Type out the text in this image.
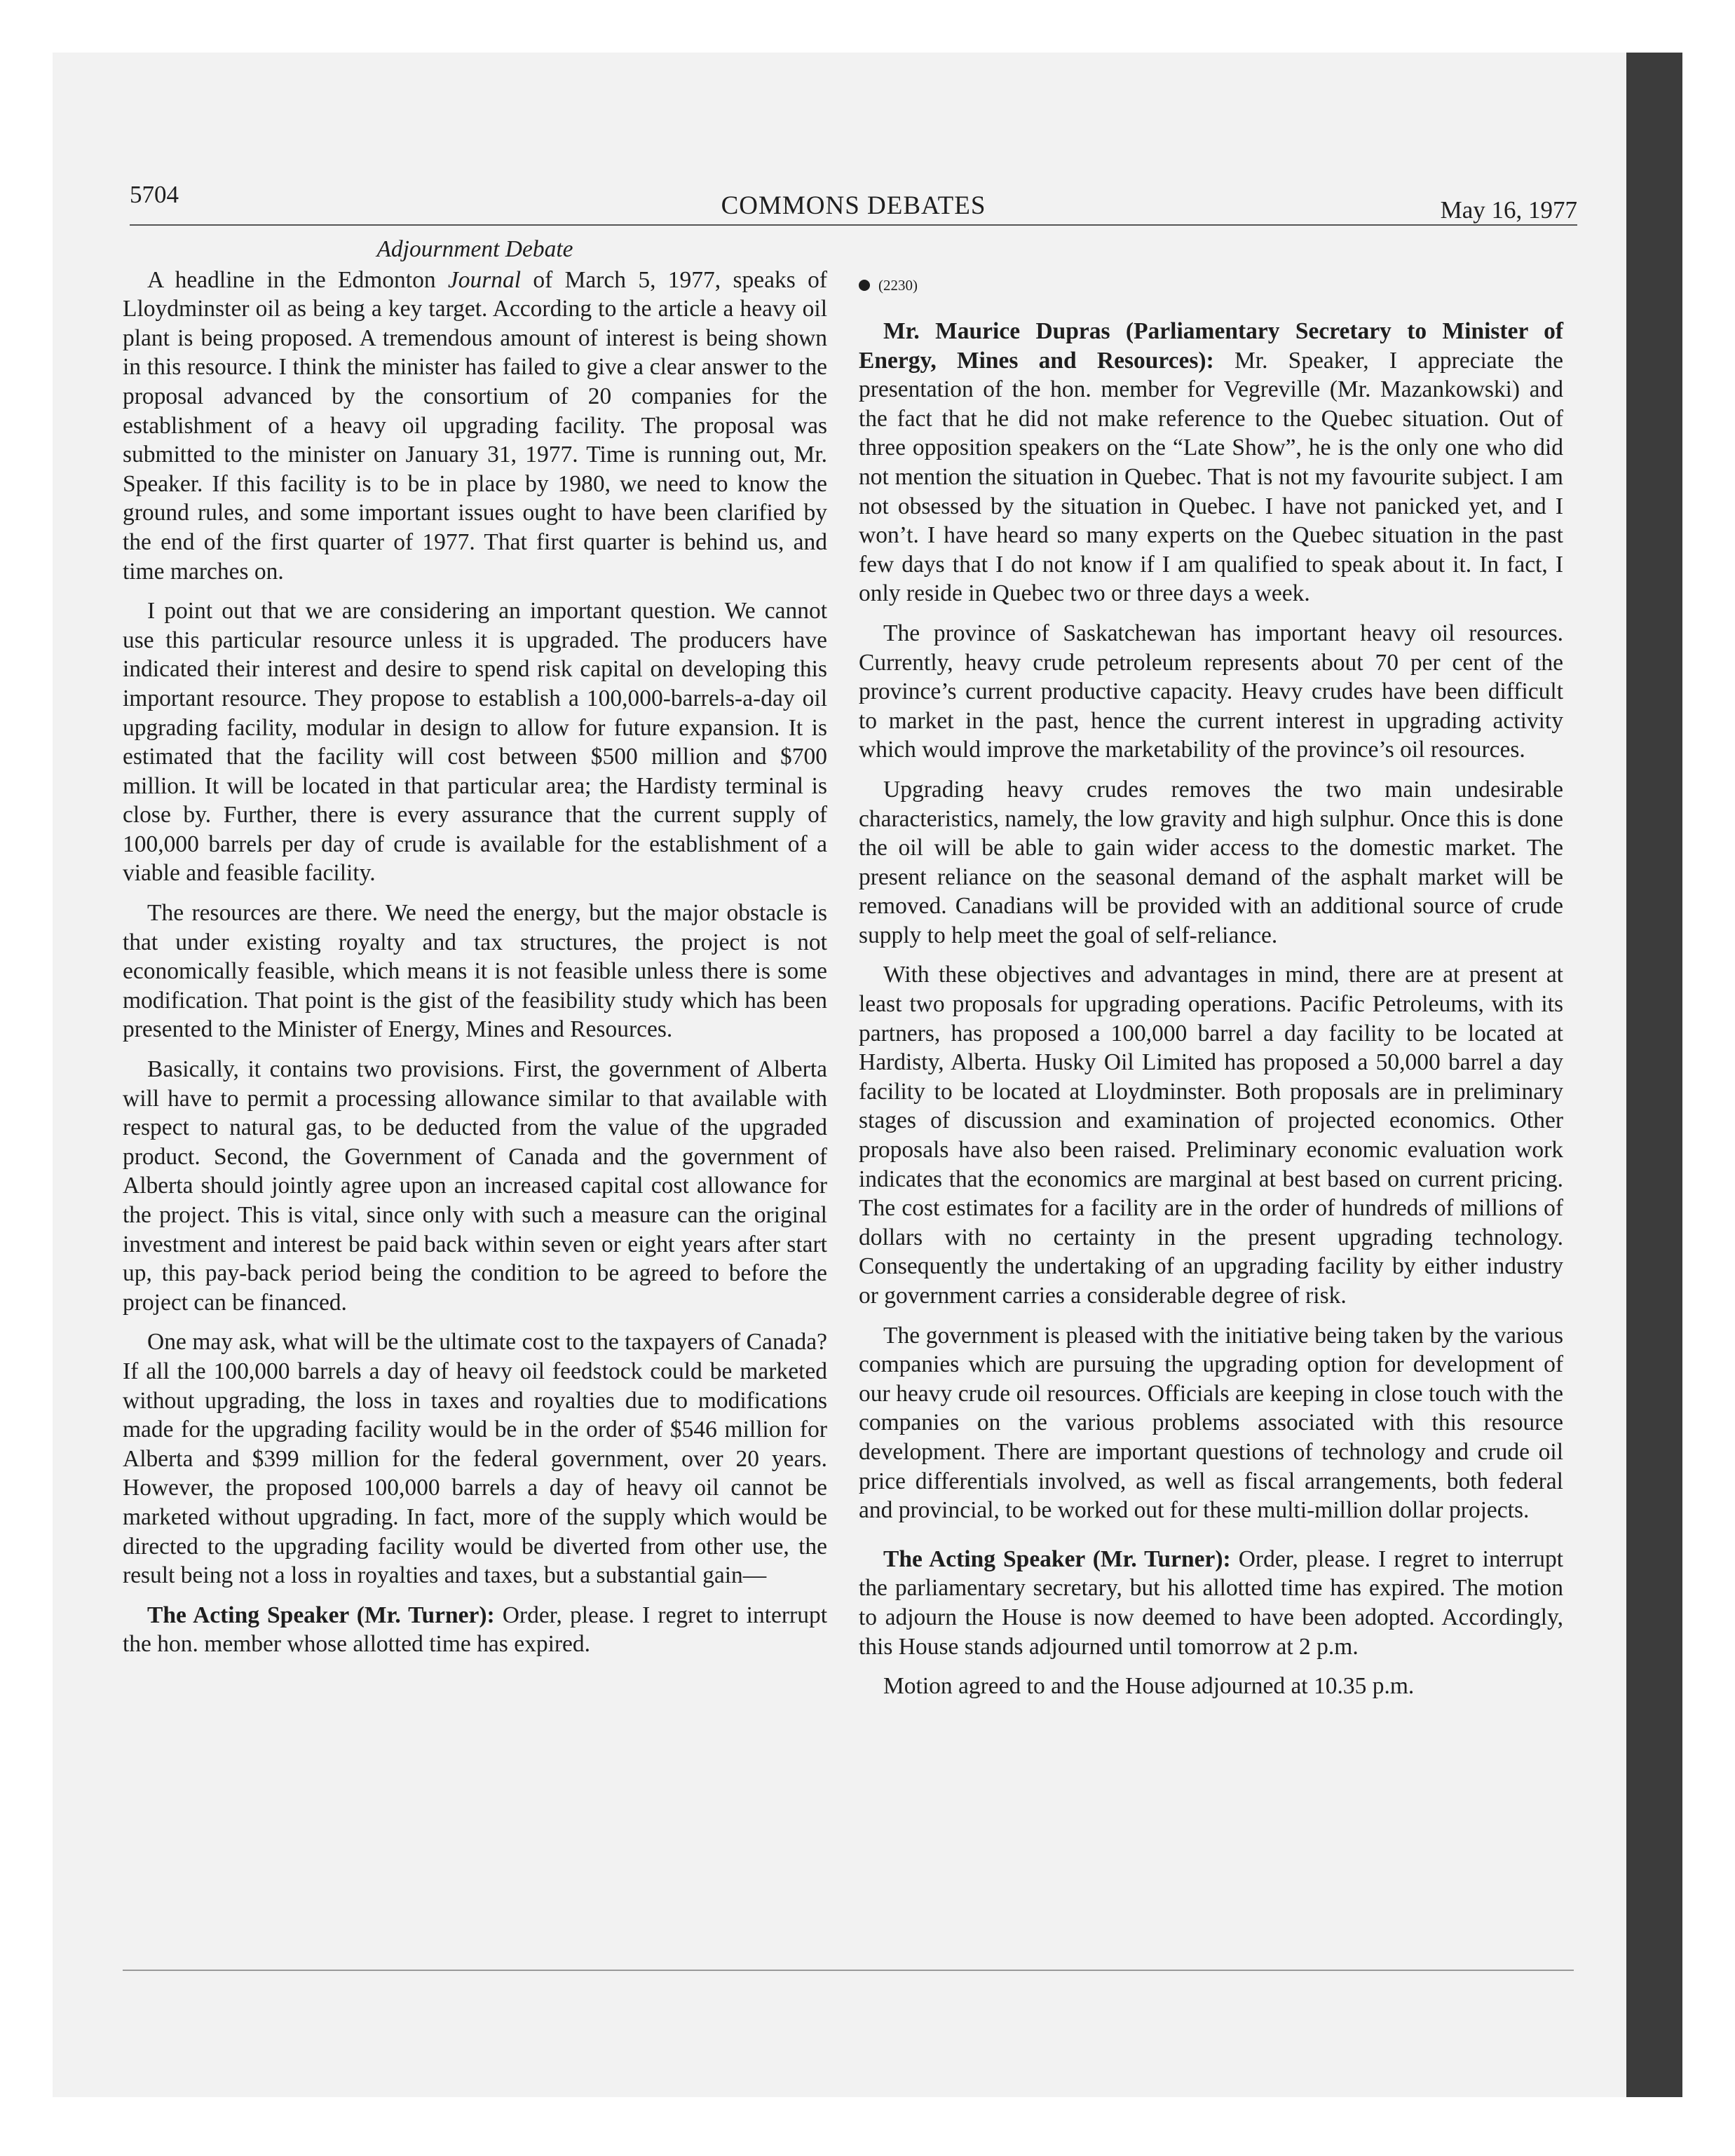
5704	COMMONS DEBATES	May 16, 1977
Adjournment Debate

A headline in the Edmonton Journal of March 5, 1977, speaks of Lloydminster oil as being a key target. According to the article a heavy oil plant is being proposed. A tremendous amount of interest is being shown in this resource. I think the minister has failed to give a clear answer to the proposal advanced by the consortium of 20 companies for the establishment of a heavy oil upgrading facility. The proposal was submitted to the minister on January 31, 1977. Time is running out, Mr. Speaker. If this facility is to be in place by 1980, we need to know the ground rules, and some important issues ought to have been clarified by the end of the first quarter of 1977. That first quarter is behind us, and time marches on.

I point out that we are considering an important question. We cannot use this particular resource unless it is upgraded. The producers have indicated their interest and desire to spend risk capital on developing this important resource. They propose to establish a 100,000-barrels-a-day oil upgrading facility, modular in design to allow for future expansion. It is estimated that the facility will cost between $500 million and $700 million. It will be located in that particular area; the Hardisty terminal is close by. Further, there is every assurance that the current supply of 100,000 barrels per day of crude is available for the establishment of a viable and feasible facility.

The resources are there. We need the energy, but the major obstacle is that under existing royalty and tax structures, the project is not economically feasible, which means it is not feasible unless there is some modification. That point is the gist of the feasibility study which has been presented to the Minister of Energy, Mines and Resources.

Basically, it contains two provisions. First, the government of Alberta will have to permit a processing allowance similar to that available with respect to natural gas, to be deducted from the value of the upgraded product. Second, the Government of Canada and the government of Alberta should jointly agree upon an increased capital cost allowance for the project. This is vital, since only with such a measure can the original investment and interest be paid back within seven or eight years after start up, this pay-back period being the condition to be agreed to before the project can be financed.

One may ask, what will be the ultimate cost to the taxpayers of Canada? If all the 100,000 barrels a day of heavy oil feedstock could be marketed without upgrading, the loss in taxes and royalties due to modifications made for the upgrading facility would be in the order of $546 million for Alberta and $399 million for the federal government, over 20 years. However, the proposed 100,000 barrels a day of heavy oil cannot be marketed without upgrading. In fact, more of the supply which would be directed to the upgrading facility would be diverted from other use, the result being not a loss in royalties and taxes, but a substantial gain—

The Acting Speaker (Mr. Turner): Order, please. I regret to interrupt the hon. member whose allotted time has expired.

(2230)

Mr. Maurice Dupras (Parliamentary Secretary to Minister of Energy, Mines and Resources): Mr. Speaker, I appreciate the presentation of the hon. member for Vegreville (Mr. Mazankowski) and the fact that he did not make reference to the Quebec situation. Out of three opposition speakers on the “Late Show”, he is the only one who did not mention the situation in Quebec. That is not my favourite subject. I am not obsessed by the situation in Quebec. I have not panicked yet, and I won’t. I have heard so many experts on the Quebec situation in the past few days that I do not know if I am qualified to speak about it. In fact, I only reside in Quebec two or three days a week.

The province of Saskatchewan has important heavy oil resources. Currently, heavy crude petroleum represents about 70 per cent of the province’s current productive capacity. Heavy crudes have been difficult to market in the past, hence the current interest in upgrading activity which would improve the marketability of the province’s oil resources.

Upgrading heavy crudes removes the two main undesirable characteristics, namely, the low gravity and high sulphur. Once this is done the oil will be able to gain wider access to the domestic market. The present reliance on the seasonal demand of the asphalt market will be removed. Canadians will be provided with an additional source of crude supply to help meet the goal of self-reliance.

With these objectives and advantages in mind, there are at present at least two proposals for upgrading operations. Pacific Petroleums, with its partners, has proposed a 100,000 barrel a day facility to be located at Hardisty, Alberta. Husky Oil Limited has proposed a 50,000 barrel a day facility to be located at Lloydminster. Both proposals are in preliminary stages of discussion and examination of projected economics. Other proposals have also been raised. Preliminary economic evaluation work indicates that the economics are marginal at best based on current pricing. The cost estimates for a facility are in the order of hundreds of millions of dollars with no certainty in the present upgrading technology. Consequently the undertaking of an upgrading facility by either industry or government carries a considerable degree of risk.

The government is pleased with the initiative being taken by the various companies which are pursuing the upgrading option for development of our heavy crude oil resources. Officials are keeping in close touch with the companies on the various problems associated with this resource development. There are important questions of technology and crude oil price differentials involved, as well as fiscal arrangements, both federal and provincial, to be worked out for these multi-million dollar projects.

The Acting Speaker (Mr. Turner): Order, please. I regret to interrupt the parliamentary secretary, but his allotted time has expired. The motion to adjourn the House is now deemed to have been adopted. Accordingly, this House stands adjourned until tomorrow at 2 p.m.

Motion agreed to and the House adjourned at 10.35 p.m.
